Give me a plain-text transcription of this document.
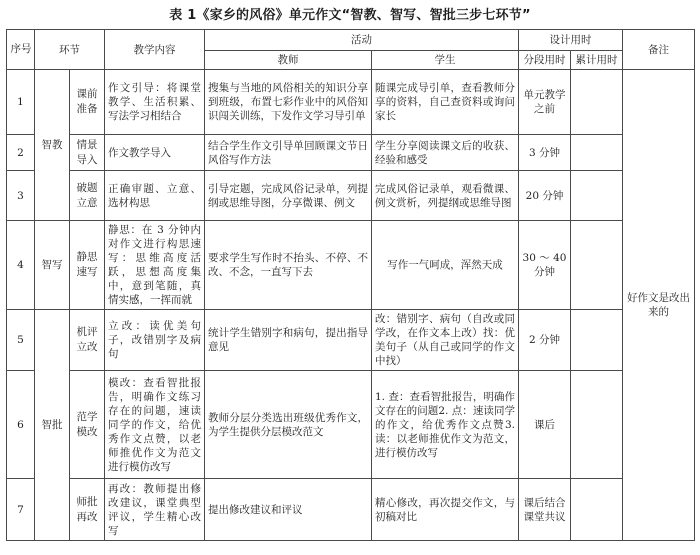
表 1《家乡的风俗》单元作文“智教、智写、智批三步七环节”
序号	环节		教学内容	活动		设计用时		备注
				教师	学生	分段用时	累计用时	
1	智教	课前准备	作文引导：将课堂教学、生活积累、写法学习相结合	搜集与当地的风俗相关的知识分享到班级，布置七彩作业中的风俗知识闯关训练，下发作文学习导引单	随课完成导引单，查看教师分享的资料，自己查资料或询问家长	单元教学之前		好作文是改出来的
2		情景导入	作文教学导入	结合学生作文引导单回顾课文节日风俗写作方法	学生分享阅读课文后的收获、经验和感受	3 分钟		
3		破题立意	正确审题、立意、选材构思	引导定题，完成风俗记录单，列提纲或思维导图，分享微课、例文	完成风俗记录单，观看微课、例文赏析，列提纲或思维导图	20 分钟		
4	智写	静思速写	静思：在 3 分钟内对作文进行构思速写：思维高度活跃，思想高度集中，意到笔随，真情实感，一挥而就	要求学生写作时不抬头、不停、不改、不念，一直写下去	写作一气呵成，浑然天成	30 ～ 40 分钟		
5	智批	机评立改	立改：读优美句子，改错别字及病句	统计学生错别字和病句，提出指导意见	改：错别字、病句（自改或同学改，在作文本上改）找：优美句子（从自己或同学的作文中找）	2 分钟		
6		范学模改	模改：查看智批报告，明确作文练习存在的问题，速读同学的作文，给优秀作文点赞，以老师推优作文为范文进行模仿改写	教师分层分类选出班级优秀作文，为学生提供分层模改范文	1. 查：查看智批报告，明确作文存在的问题2. 点：速读同学的作文，给优秀作文点赞3. 读：以老师推优作文为范文，进行模仿改写	课后		
7		师批再改	再改：教师提出修改建议，课堂典型评议，学生精心改写	提出修改建议和评议	精心修改，再次提交作文，与初稿对比	课后结合课堂共议		
